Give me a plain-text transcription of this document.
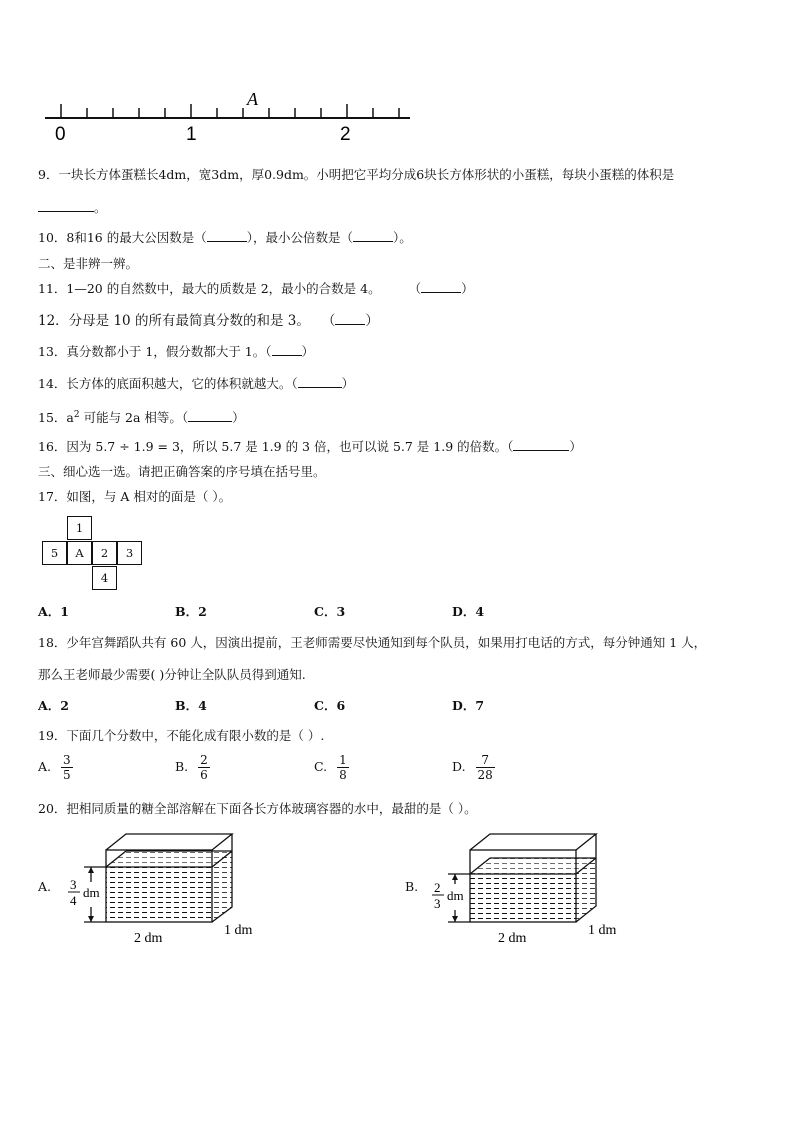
A
0	1	2
9．一块长方体蛋糕长4dm，宽3dm，厚0.9dm。小明把它平均分成6块长方体形状的小蛋糕，每块小蛋糕的体积是
。
10．8和16 的最大公因数是（	），最小公倍数是（	）。
二、是非辨一辨。
11．1—20 的自然数中，最大的质数是 2，最小的合数是 4。 （	）
12．分母是 10 的所有最简真分数的和是 3。 （ ）
13．真分数都小于 1，假分数都大于 1。（ ）
14．长方体的底面积越大，它的体积就越大。（	）
15．$a^2$ 可能与 2a 相等。（	）
16．因为 5.7 ÷ 1.9 = 3，所以 5.7 是 1.9 的 3 倍，也可以说 5.7 是 1.9 的倍数。（	）
三、细心选一选。请把正确答案的序号填在括号里。
17．如图，与 A 相对的面是（ ）。
1
5	A	2	3
4
A．1	B．2	C．3	D．4
18．少年宫舞蹈队共有 60 人，因演出提前，王老师需要尽快通知到每个队员，如果用打电话的方式，每分钟通知 1 人，
那么王老师最少需要( )分钟让全队队员得到通知.
A．2	B．4	C．6	D．7
19．下面几个分数中，不能化成有限小数的是（ ）.
A. $\frac{3}{5}$	B. $\frac{2}{6}$	C. $\frac{1}{8}$	D. $\frac{7}{28}$
20．把相同质量的糖全部溶解在下面各长方体玻璃容器的水中，最甜的是（ ）。
A. 3
4
dm
2 dm
1 dm
B. 2
3
dm
2 dm
1 dm
